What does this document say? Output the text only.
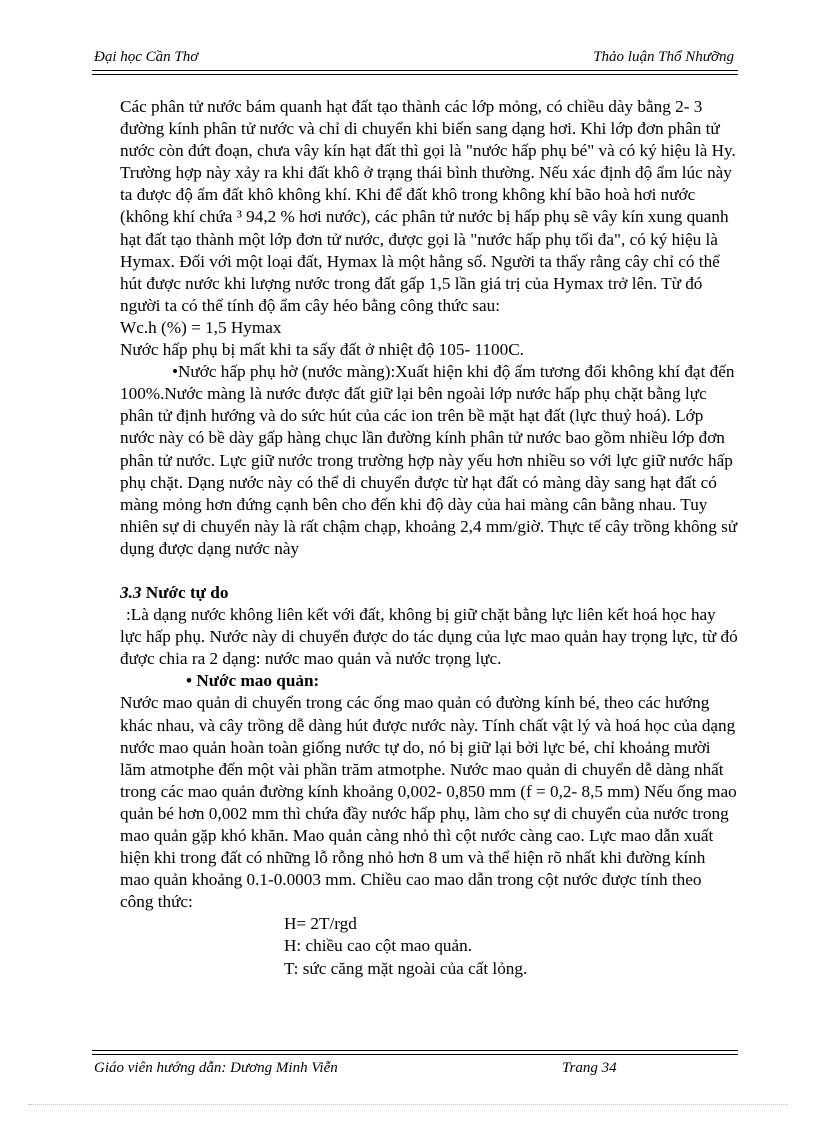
Đại học Cần Thơ	Thảo luận Thổ Nhưỡng

Các phân tử nước bám quanh hạt đất tạo thành các lớp mỏng, có chiều dày bằng 2- 3 đường kính phân tử nước và chỉ di chuyển khi biến sang dạng hơi. Khi lớp đơn phân tử nước còn đứt đoạn, chưa vây kín hạt đất thì gọi là "nước hấp phụ bé" và có ký hiệu là Hy. Trường hợp này xảy ra khi đất khô ở trạng thái bình thường. Nếu xác định độ ẩm lúc này ta được độ ẩm đất khô không khí. Khi để đất khô trong không khí bão hoà hơi nước (không khí chứa ³ 94,2 % hơi nước), các phân tử nước bị hấp phụ sẽ vây kín xung quanh hạt đất tạo thành một lớp đơn tử nước, được gọi là "nước hấp phụ tối đa", có ký hiệu là Hymax. Đối với một loại đất, Hymax là một hằng số. Người ta thấy rằng cây chỉ có thể hút được nước khi lượng nước trong đất gấp 1,5 lần giá trị của Hymax trở lên. Từ đó người ta có thể tính độ ẩm cây héo bằng công thức sau:

Wc.h (%) = 1,5 Hymax

Nước hấp phụ bị mất khi ta sấy đất ở nhiệt độ 105- 1100C.

•Nước hấp phụ hờ (nước màng):Xuất hiện khi độ ẩm tương đối không khí đạt đến 100%.Nước màng là nước được đất giữ lại bên ngoài lớp nước hấp phụ chặt bằng lực phân tử định hướng và do sức hút của các ion trên bề mặt hạt đất (lực thuỷ hoá). Lớp nước này có bề dày gấp hàng chục lần đường kính phân tử nước bao gồm nhiều lớp đơn phân tử nước. Lực giữ nước trong trường hợp này yếu hơn nhiều so với lực giữ nước hấp phụ chặt. Dạng nước này có thể di chuyển được từ hạt đất có màng dày sang hạt đất có màng mỏng hơn đứng cạnh bên cho đến khi độ dày của hai màng cân bằng nhau. Tuy nhiên sự di chuyển này là rất chậm chạp, khoảng 2,4 mm/giờ. Thực tế cây trồng không sử dụng được dạng nước này

3.3 Nước tự do

:Là dạng nước không liên kết với đất, không bị giữ chặt bằng lực liên kết hoá học hay lực hấp phụ. Nước này di chuyển được do tác dụng của lực mao quản hay trọng lực, từ đó được chia ra 2 dạng: nước mao quản và nước trọng lực.

• Nước mao quản:

Nước mao quản di chuyển trong các ống mao quản có đường kính bé, theo các hướng khác nhau, và cây trồng dễ dàng hút được nước này. Tính chất vật lý và hoá học của dạng nước mao quản hoàn toàn giống nước tự do, nó bị giữ lại bởi lực bé, chỉ khoảng mười lăm atmotphe đến một vài phần trăm atmotphe. Nước mao quản di chuyển dễ dàng nhất trong các mao quản đường kính khoảng 0,002- 0,850 mm (f = 0,2- 8,5 mm) Nếu ống mao quản bé hơn 0,002 mm thì chứa đầy nước hấp phụ, làm cho sự di chuyển của nước trong mao quản gặp khó khăn. Mao quản càng nhỏ thì cột nước càng cao. Lực mao dẫn xuất hiện khi trong đất có những lỗ rỗng nhỏ hơn 8 um và thể hiện rõ nhất khi đường kính mao quản khoảng 0.1-0.0003 mm. Chiều cao mao dẫn trong cột nước được tính theo công thức:

H= 2T/rgd

H: chiều cao cột mao quản.

T: sức căng mặt ngoài của cất lỏng.

Giáo viên hướng dẫn: Dương Minh Viễn	Trang 34
